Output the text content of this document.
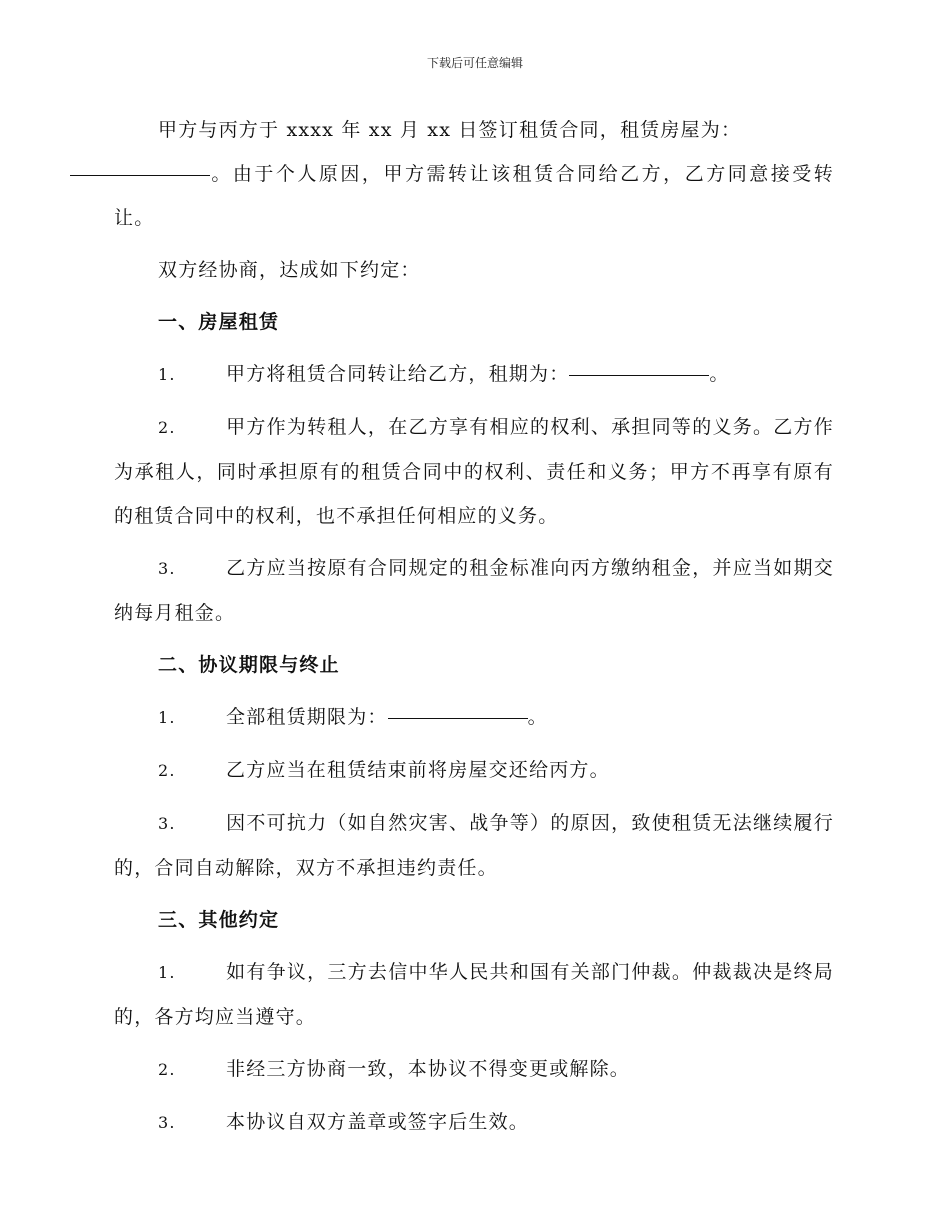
下载后可任意编辑

甲方与丙方于 xxxx 年 xx 月 xx 日签订租赁合同，租赁房屋为：
。由于个人原因，甲方需转让该租赁合同给乙方，乙方同意接受转让。

双方经协商，达成如下约定：

一、房屋租赁

1.	甲方将租赁合同转让给乙方，租期为：	。

2.	甲方作为转租人，在乙方享有相应的权利、承担同等的义务。乙方作为承租人，同时承担原有的租赁合同中的权利、责任和义务；甲方不再享有原有的租赁合同中的权利，也不承担任何相应的义务。

3.	乙方应当按原有合同规定的租金标准向丙方缴纳租金，并应当如期交纳每月租金。

二、协议期限与终止

1.	全部租赁期限为：	。

2.	乙方应当在租赁结束前将房屋交还给丙方。

3.	因不可抗力（如自然灾害、战争等）的原因，致使租赁无法继续履行的，合同自动解除，双方不承担违约责任。

三、其他约定

1.	如有争议，三方去信中华人民共和国有关部门仲裁。仲裁裁决是终局的，各方均应当遵守。

2.	非经三方协商一致，本协议不得变更或解除。

3.	本协议自双方盖章或签字后生效。
